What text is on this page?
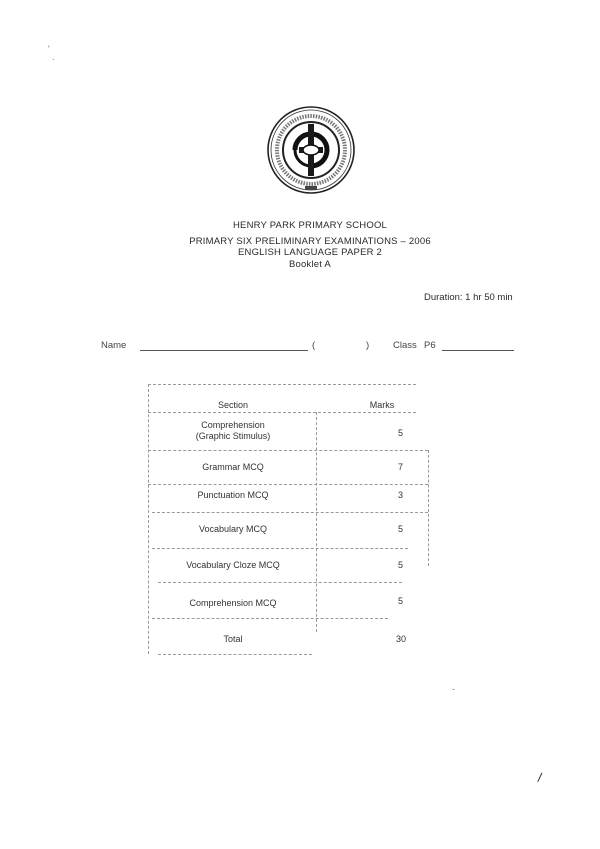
'
.
-
HENRY PARK PRIMARY SCHOOL
PRIMARY SIX PRELIMINARY EXAMINATIONS – 2006
ENGLISH LANGUAGE PAPER 2
Booklet A
Duration: 1 hr 50 min
Name	(	)	Class P6
Section	Marks
Comprehension
(Graphic Stimulus)	5
Grammar MCQ	7
Punctuation MCQ	3
Vocabulary MCQ	5
Vocabulary Cloze MCQ	5
Comprehension MCQ	5
Total	30
/
